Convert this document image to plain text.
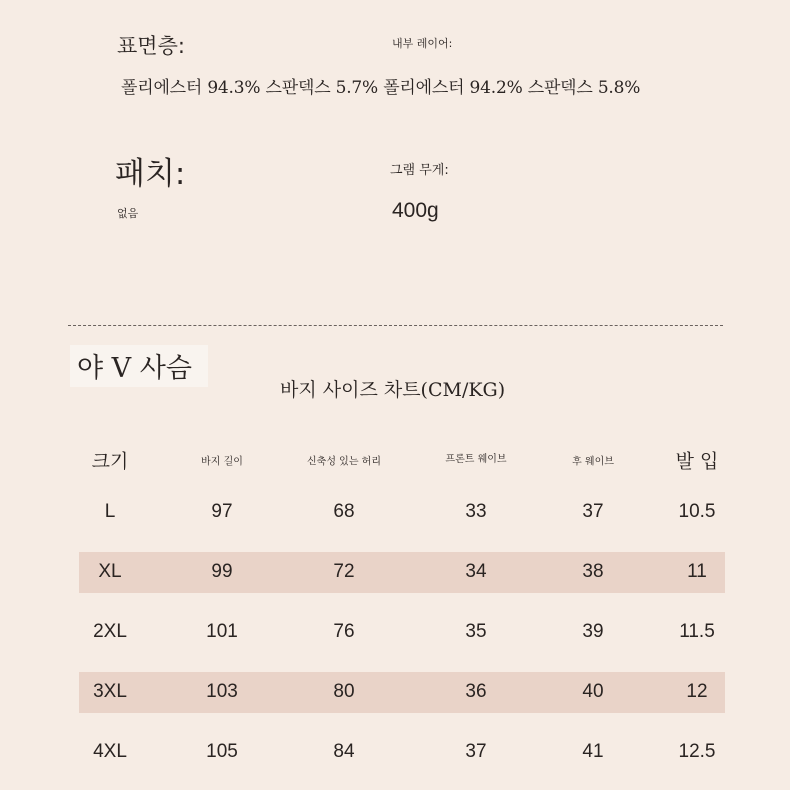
표면층:	내부 레이어:
폴리에스터 94.3% 스판덱스 5.7% 폴리에스터 94.2% 스판덱스 5.8%
패치:	그램 무게:
없음	400g
야 V 사슴
바지 사이즈 차트(CM/KG)
크기	바지 길이	신축성 있는 허리	프론트 웨이브	후 웨이브	발 입
L	97	68	33	37	10.5
XL	99	72	34	38	11
2XL	101	76	35	39	11.5
3XL	103	80	36	40	12
4XL	105	84	37	41	12.5
